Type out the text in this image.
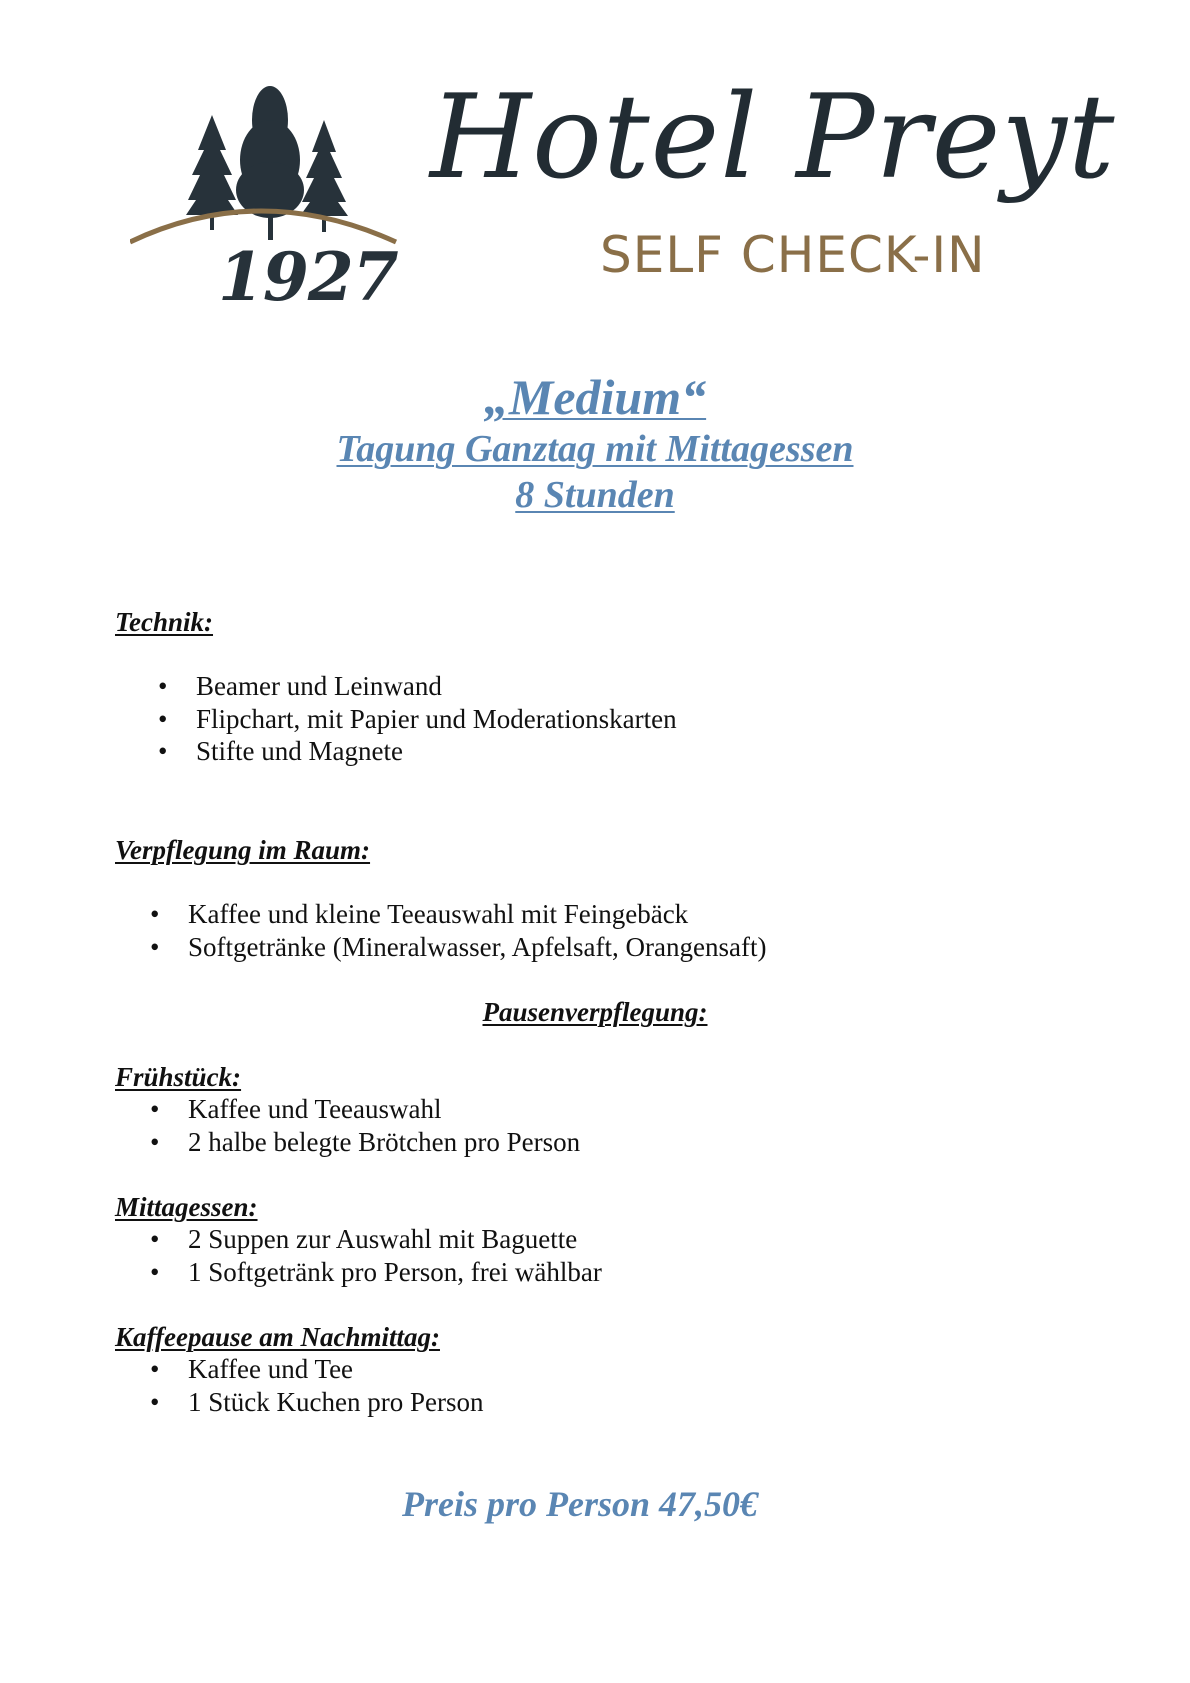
1927
Hotel Preyt
SELF CHECK-IN
„Medium“
Tagung Ganztag mit Mittagessen
8 Stunden
Technik:
• Beamer und Leinwand
• Flipchart, mit Papier und Moderationskarten
• Stifte und Magnete
Verpflegung im Raum:
• Kaffee und kleine Teeauswahl mit Feingebäck
• Softgetränke (Mineralwasser, Apfelsaft, Orangensaft)
Pausenverpflegung:
Frühstück:
• Kaffee und Teeauswahl
• 2 halbe belegte Brötchen pro Person
Mittagessen:
• 2 Suppen zur Auswahl mit Baguette
• 1 Softgetränk pro Person, frei wählbar
Kaffeepause am Nachmittag:
• Kaffee und Tee
• 1 Stück Kuchen pro Person
Preis pro Person 47,50€
